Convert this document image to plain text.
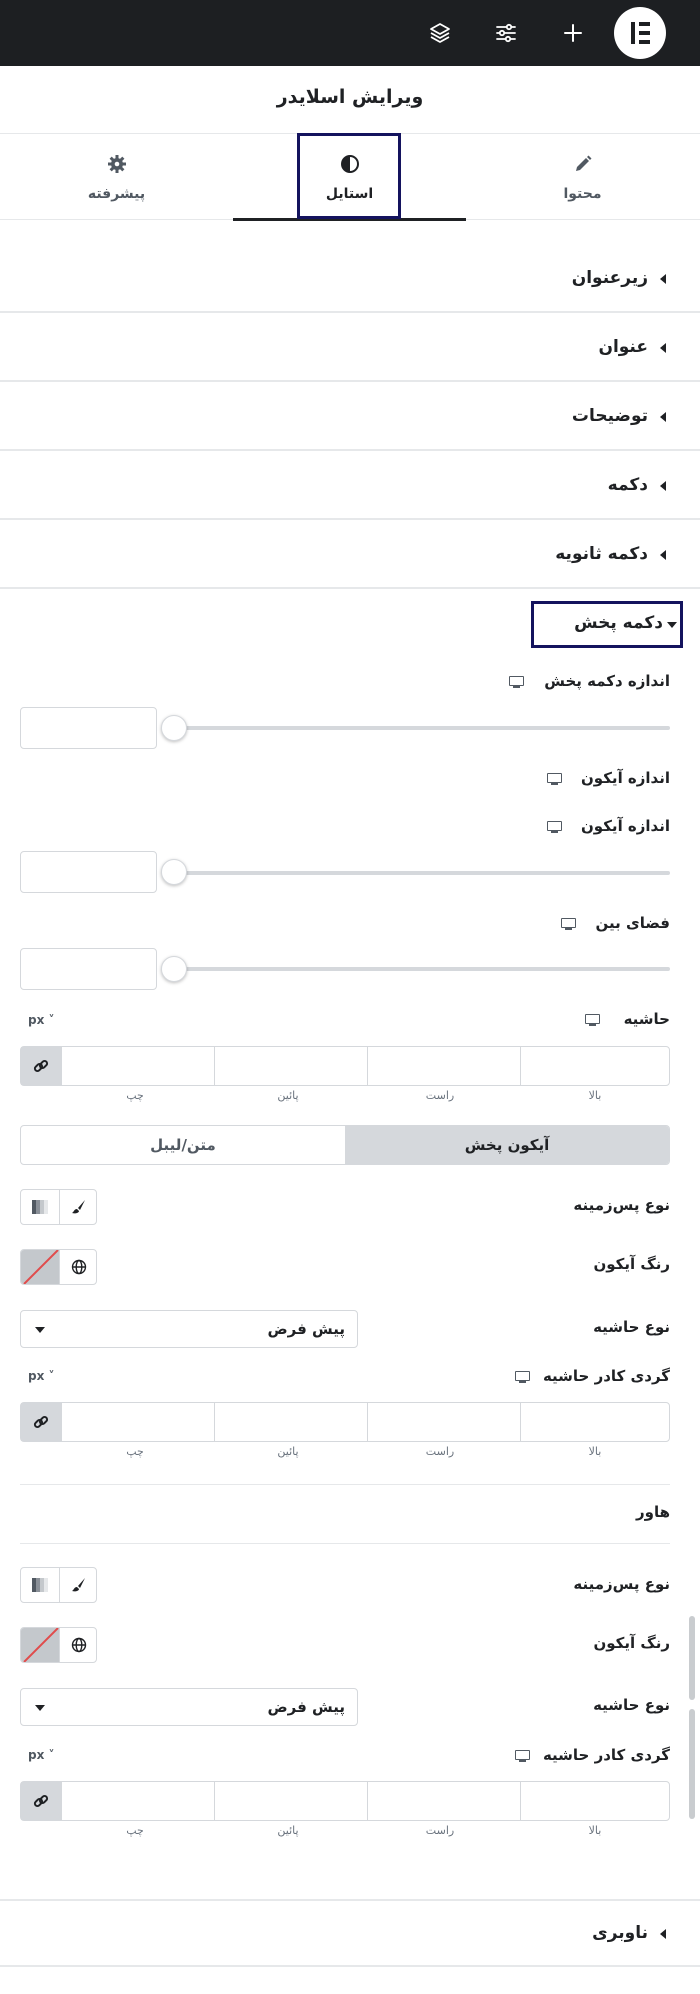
ویرایش اسلایدر
پیشرفته	استایل	محتوا
زیرعنوان
عنوان
توضیحات
دکمه
دکمه ثانویه
دکمه پخش
اندازه دکمه پخش
اندازه آیکون
اندازه آیکون
فضای بین
حاشیه
px ˅
بالا
راست
پائین
چپ
آیکون پخش
متن/لیبل
نوع پس‌زمینه
رنگ آیکون
نوع حاشیه
پیش فرض
گردی کادر حاشیه
px ˅
بالا
راست
پائین
چپ
هاور
نوع پس‌زمینه
رنگ آیکون
نوع حاشیه
پیش فرض
گردی کادر حاشیه
px ˅
بالا
راست
پائین
چپ
ناوبری
